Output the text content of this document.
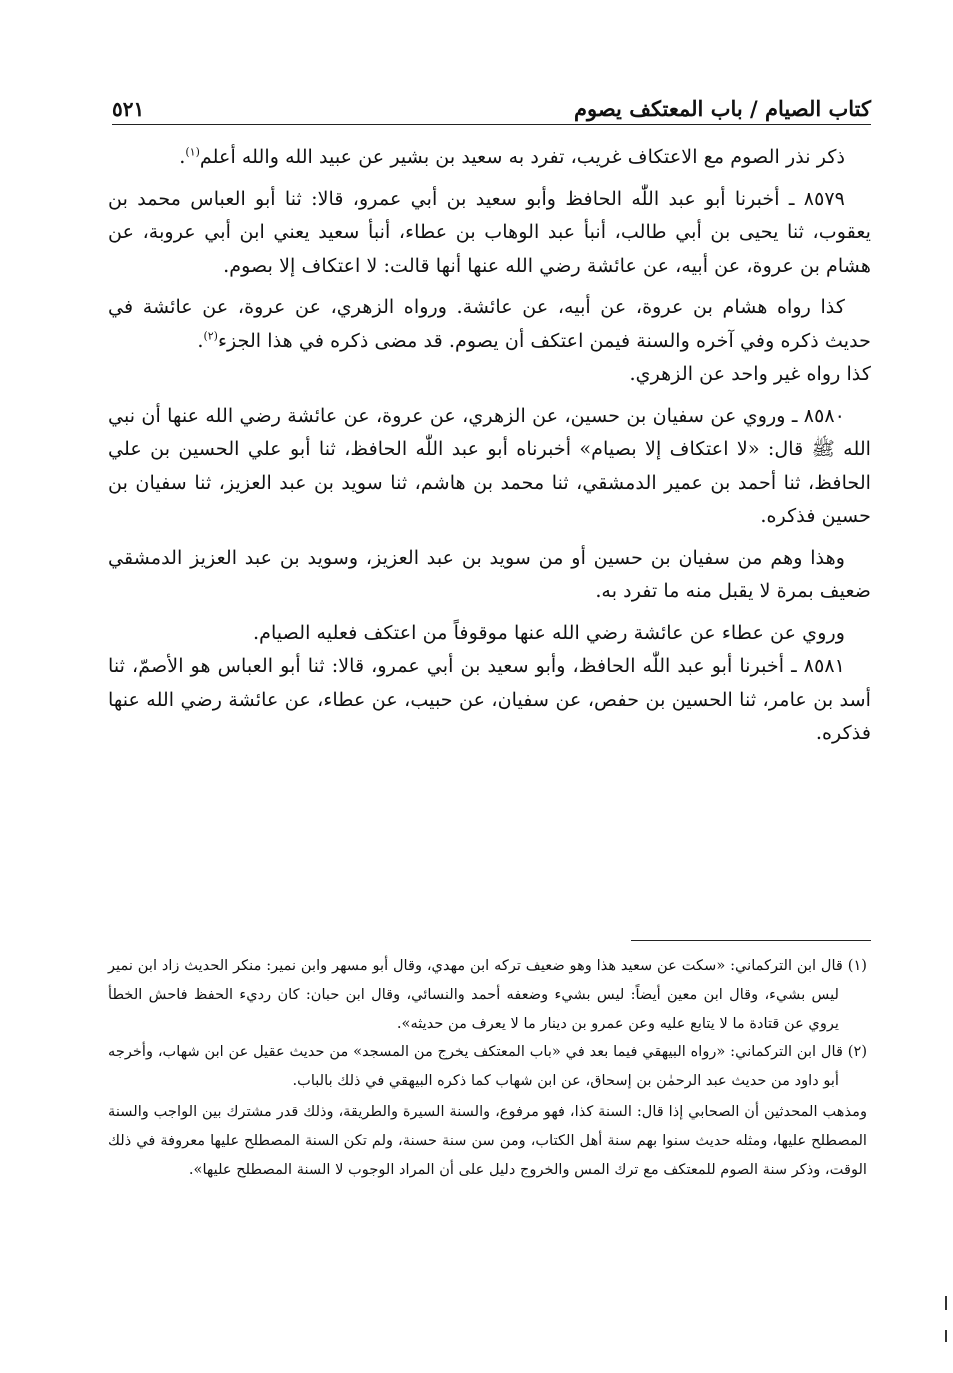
كتاب الصيام / باب المعتكف يصوم
٥٢١

ذكر نذر الصوم مع الاعتكاف غريب، تفرد به سعيد بن بشير عن عبيد الله والله أعلم$^{(١)}$.

٨٥٧٩ ـ أخبرنا أبو عبد اللّٰه الحافظ وأبو سعيد بن أبي عمرو، قالا: ثنا أبو العباس محمد بن يعقوب، ثنا يحيى بن أبي طالب، أنبأ عبد الوهاب بن عطاء، أنبأ سعيد يعني ابن أبي عروبة، عن هشام بن عروة، عن أبيه، عن عائشة رضي الله عنها أنها قالت: لا اعتكاف إلا بصوم.

كذا رواه هشام بن عروة، عن أبيه، عن عائشة. ورواه الزهري، عن عروة، عن عائشة في حديث ذكره وفي آخره والسنة فيمن اعتكف أن يصوم. قد مضى ذكره في هذا الجزء$^{(٢)}$.

كذا رواه غير واحد عن الزهري.

٨٥٨٠ ـ وروي عن سفيان بن حسين، عن الزهري، عن عروة، عن عائشة رضي الله عنها أن نبي الله ﷺ قال: «لا اعتكاف إلا بصيام» أخبرناه أبو عبد اللّٰه الحافظ، ثنا أبو علي الحسين بن علي الحافظ، ثنا أحمد بن عمير الدمشقي، ثنا محمد بن هاشم، ثنا سويد بن عبد العزيز، ثنا سفيان بن حسين فذكره.

وهذا وهم من سفيان بن حسين أو من سويد بن عبد العزيز، وسويد بن عبد العزيز الدمشقي ضعيف بمرة لا يقبل منه ما تفرد به.

وروي عن عطاء عن عائشة رضي الله عنها موقوفاً من اعتكف فعليه الصيام.

٨٥٨١ ـ أخبرنا أبو عبد اللّٰه الحافظ، وأبو سعيد بن أبي عمرو، قالا: ثنا أبو العباس هو الأصمّ، ثنا أسد بن عامر، ثنا الحسين بن حفص، عن سفيان، عن حبيب، عن عطاء، عن عائشة رضي الله عنها فذكره.

(١) قال ابن التركماني: «سكت عن سعيد هذا وهو ضعيف تركه ابن مهدي، وقال أبو مسهر وابن نمير: منكر الحديث زاد ابن نمير ليس بشيء، وقال ابن معين أيضاً: ليس بشيء وضعفه أحمد والنسائي، وقال ابن حبان: كان رديء الحفظ فاحش الخطأ يروي عن قتادة ما لا يتابع عليه وعن عمرو بن دينار ما لا يعرف من حديثه».

(٢) قال ابن التركماني: «رواه البيهقي فيما بعد في «باب المعتكف يخرج من المسجد» من حديث عقيل عن ابن شهاب، وأخرجه أبو داود من حديث عبد الرحمٰن بن إسحاق، عن ابن شهاب كما ذكره البيهقي في ذلك بالباب.

ومذهب المحدثين أن الصحابي إذا قال: السنة كذا، فهو مرفوع، والسنة السيرة والطريقة، وذلك قدر مشترك بين الواجب والسنة المصطلح عليها، ومثله حديث سنوا بهم سنة أهل الكتاب، ومن سن سنة حسنة، ولم تكن السنة المصطلح عليها معروفة في ذلك الوقت، وذكر سنة الصوم للمعتكف مع ترك المس والخروج دليل على أن المراد الوجوب لا السنة المصطلح عليها».
